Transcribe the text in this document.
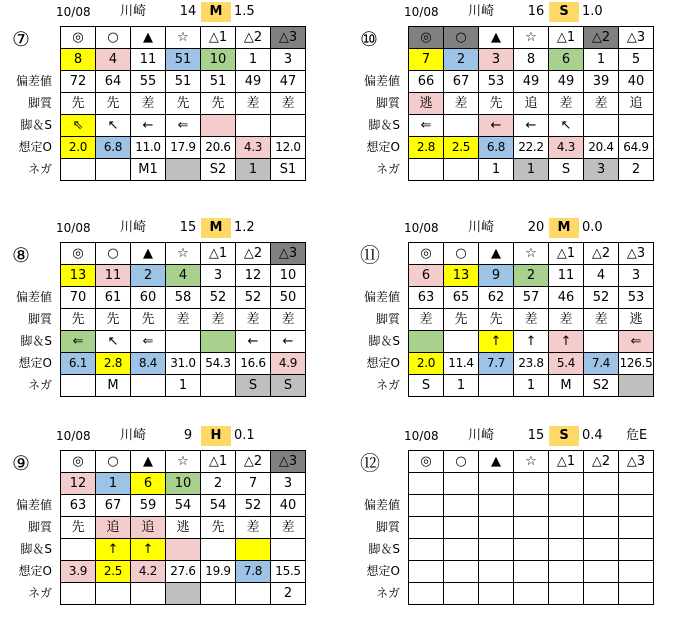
10/08 川崎	14	M 1.5
⑦
偏差値
脚質
脚＆S
想定O
ネガ
◎	○	▲	☆	△1	△2	△3
8	4	11	51	10	1	3
72	64	55	51	51	49	47
先	先	差	先	先	差	差
⇖	↖	←	⇐			
2.0	6.8	11.0	17.9	20.6	4.3	12.0
		M1		S2	1	S1
10/08 川崎	16	S	1.0
⑩
偏差値
脚質
脚＆S
想定O
ネガ
◎	○	▲	☆	△1	△2	△3
7	2	3	8	6	1	5
66	67	53	49	49	39	40
逃	差	先	追	差	差	追
⇐		←	←	↖		
2.8	2.5	6.8	22.2	4.3	20.4	64.9
		1	1	S	3	2
10/08 川崎	15	M 1.2
⑧
偏差値
脚質
脚＆S
想定O
ネガ
◎	○	▲	☆	△1	△2	△3
13	11	2	4	3	12	10
70	61	60	58	52	52	50
先	先	先	差	差	差	差
⇐	↖	⇐			←	←
6.1	2.8	8.4	31.0	54.3	16.6	4.9
	M		1		S	S
10/08 川崎	20	M 0.0
⑪
偏差値
脚質
脚＆S
想定O
ネガ
◎	○	▲	☆	△1	△2	△3
6	13	9	2	11	4	3
63	65	62	57	46	52	53
差	先	先	差	差	差	逃
		↑	↑	↑		⇐
2.0	11.4	7.7	23.8	5.4	7.4	126.5
S	1		1	M	S2	
10/08 川崎	9	H 0.1
⑨
偏差値
脚質
脚＆S
想定O
ネガ
◎	○	▲	☆	△1	△2	△3
12	1	6	10	2	7	3
63	67	59	54	54	52	40
先	追	追	逃	先	差	差
	↑	↑				
3.9	2.5	4.2	27.6	19.9	7.8	15.5
						2
10/08 川崎	15	S	0.4 危E
⑫
偏差値
脚質
脚＆S
想定O
ネガ
◎	○	▲	☆	△1	△2	△3
